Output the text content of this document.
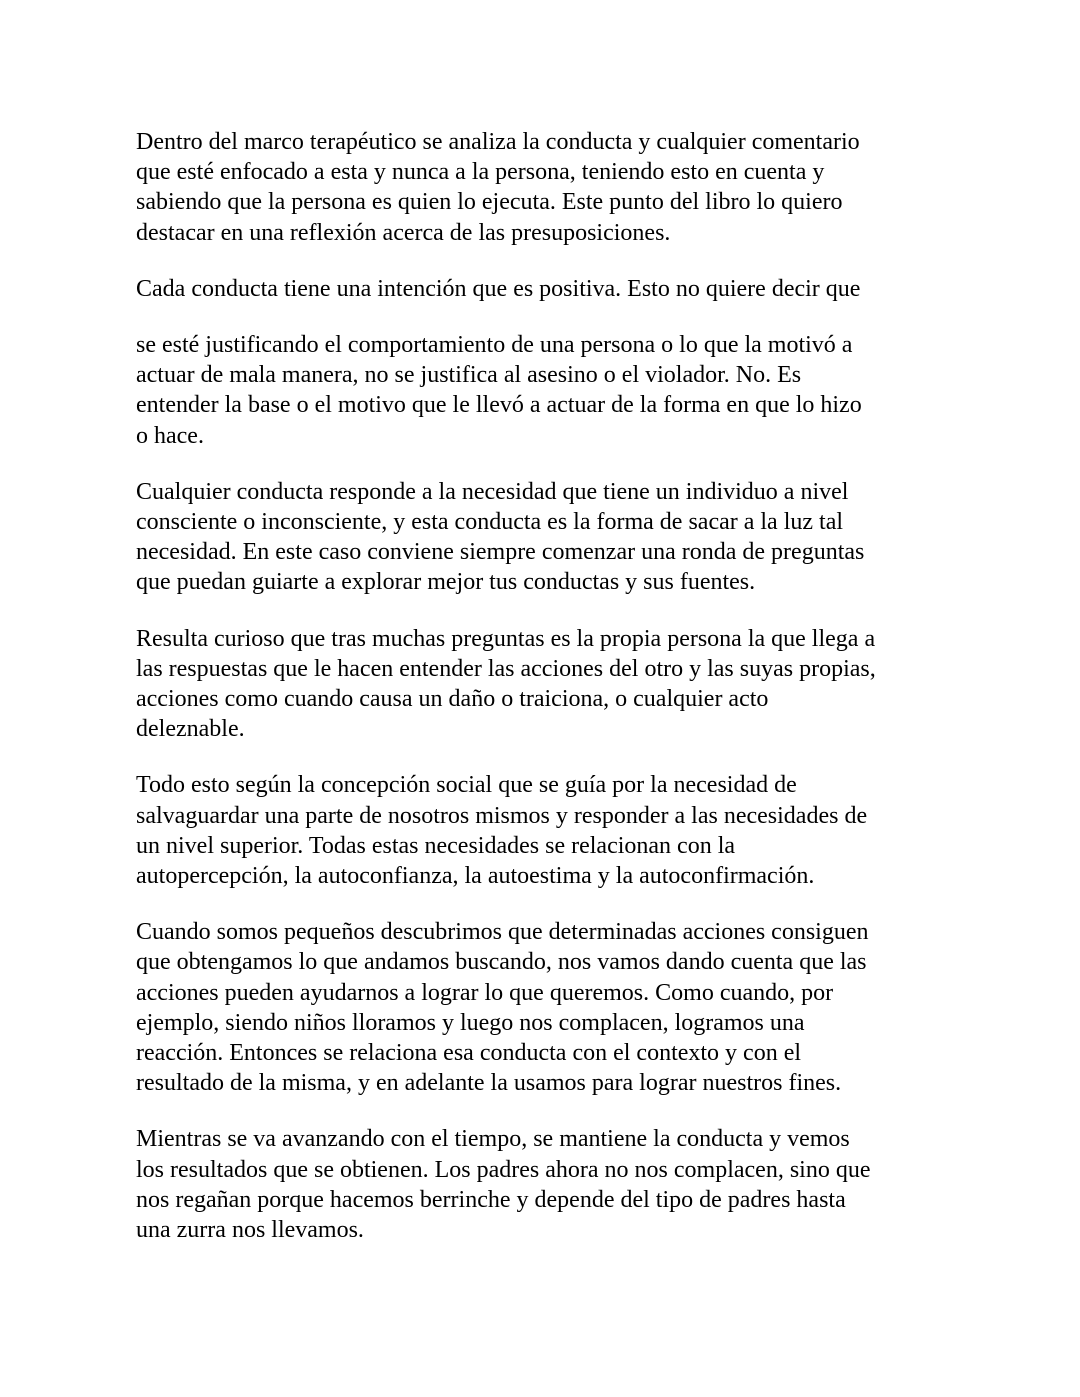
Dentro del marco terapéutico se analiza la conducta y cualquier comentario
que esté enfocado a esta y nunca a la persona, teniendo esto en cuenta y
sabiendo que la persona es quien lo ejecuta. Este punto del libro lo quiero
destacar en una reflexión acerca de las presuposiciones.

Cada conducta tiene una intención que es positiva. Esto no quiere decir que

se esté justificando el comportamiento de una persona o lo que la motivó a
actuar de mala manera, no se justifica al asesino o el violador. No. Es
entender la base o el motivo que le llevó a actuar de la forma en que lo hizo
o hace.

Cualquier conducta responde a la necesidad que tiene un individuo a nivel
consciente o inconsciente, y esta conducta es la forma de sacar a la luz tal
necesidad. En este caso conviene siempre comenzar una ronda de preguntas
que puedan guiarte a explorar mejor tus conductas y sus fuentes.

Resulta curioso que tras muchas preguntas es la propia persona la que llega a
las respuestas que le hacen entender las acciones del otro y las suyas propias,
acciones como cuando causa un daño o traiciona, o cualquier acto
deleznable.

Todo esto según la concepción social que se guía por la necesidad de
salvaguardar una parte de nosotros mismos y responder a las necesidades de
un nivel superior. Todas estas necesidades se relacionan con la
autopercepción, la autoconfianza, la autoestima y la autoconfirmación.

Cuando somos pequeños descubrimos que determinadas acciones consiguen
que obtengamos lo que andamos buscando, nos vamos dando cuenta que las
acciones pueden ayudarnos a lograr lo que queremos. Como cuando, por
ejemplo, siendo niños lloramos y luego nos complacen, logramos una
reacción. Entonces se relaciona esa conducta con el contexto y con el
resultado de la misma, y en adelante la usamos para lograr nuestros fines.

Mientras se va avanzando con el tiempo, se mantiene la conducta y vemos
los resultados que se obtienen. Los padres ahora no nos complacen, sino que
nos regañan porque hacemos berrinche y depende del tipo de padres hasta
una zurra nos llevamos.
